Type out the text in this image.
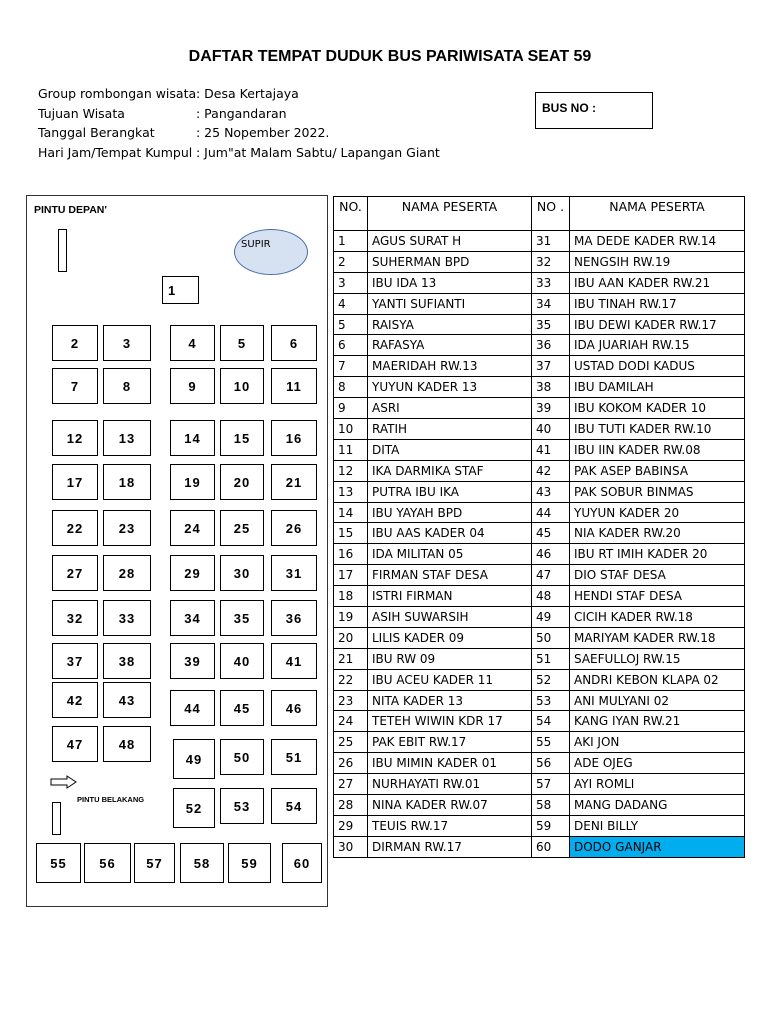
DAFTAR TEMPAT DUDUK BUS PARIWISATA SEAT 59
Group rombongan wisata: Desa Kertajaya
Tujuan Wisata	: Pangandaran
Tanggal Berangkat	: 25 Nopember 2022.
Hari Jam/Tempat Kumpul : Jum"at Malam Sabtu/ Lapangan Giant
BUS NO :
PINTU DEPAN'
SUPIR
PINTU BELAKANG
1
2	3	4	5	6
7	8	9	10	11
12	13	14	15	16
17	18	19	20	21
22	23	24	25	26
27	28	29	30	31
32	33	34	35	36
37	38	39	40	41
42	43
44	45	46
47	48
49	50	51
52	53	54
55	56	57	58	59	60
NO.	NAMA PESERTA	NO .	NAMA PESERTA
1	AGUS SURAT H	31	MA DEDE KADER RW.14
2	SUHERMAN BPD	32	NENGSIH RW.19
3	IBU IDA 13	33	IBU AAN KADER RW.21
4	YANTI SUFIANTI	34	IBU TINAH RW.17
5	RAISYA	35	IBU DEWI KADER RW.17
6	RAFASYA	36	IDA JUARIAH RW.15
7	MAERIDAH RW.13	37	USTAD DODI KADUS
8	YUYUN KADER 13	38	IBU DAMILAH
9	ASRI	39	IBU KOKOM KADER 10
10	RATIH	40	IBU TUTI KADER RW.10
11	DITA	41	IBU IIN KADER RW.08
12	IKA DARMIKA STAF	42	PAK ASEP BABINSA
13	PUTRA IBU IKA	43	PAK SOBUR BINMAS
14	IBU YAYAH BPD	44	YUYUN KADER 20
15	IBU AAS KADER 04	45	NIA KADER RW.20
16	IDA MILITAN 05	46	IBU RT IMIH KADER 20
17	FIRMAN STAF DESA	47	DIO STAF DESA
18	ISTRI FIRMAN	48	HENDI STAF DESA
19	ASIH SUWARSIH	49	CICIH KADER RW.18
20	LILIS KADER 09	50	MARIYAM KADER RW.18
21	IBU RW 09	51	SAEFULLOJ RW.15
22	IBU ACEU KADER 11	52	ANDRI KEBON KLAPA 02
23	NITA KADER 13	53	ANI MULYANI 02
24	TETEH WIWIN KDR 17	54	KANG IYAN RW.21
25	PAK EBIT RW.17	55	AKI JON
26	IBU MIMIN KADER 01	56	ADE OJEG
27	NURHAYATI RW.01	57	AYI ROMLI
28	NINA KADER RW.07	58	MANG DADANG
29	TEUIS RW.17	59	DENI BILLY
30	DIRMAN RW.17	60	DODO GANJAR
